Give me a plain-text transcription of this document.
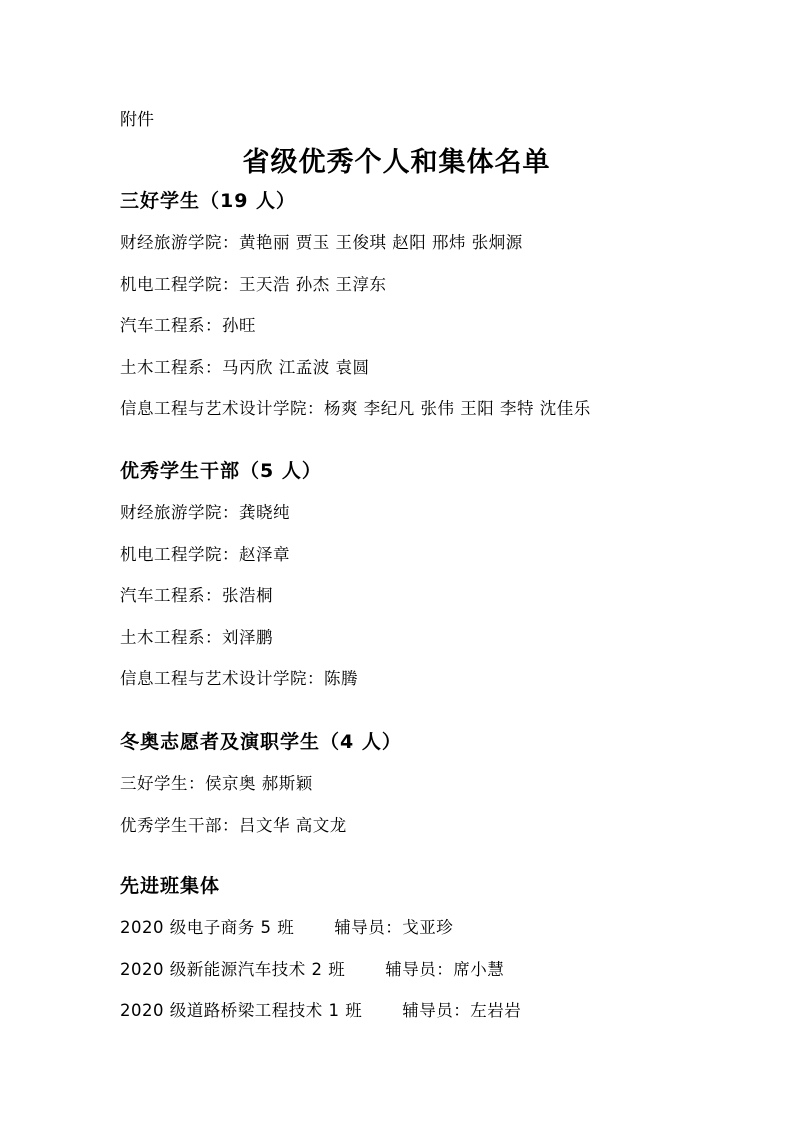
附件
省级优秀个人和集体名单
三好学生（19 人）
财经旅游学院：黄艳丽 贾玉 王俊琪 赵阳 邢炜 张炯源
机电工程学院：王天浩 孙杰 王淳东
汽车工程系：孙旺
土木工程系：马丙欣 江孟波 袁圆
信息工程与艺术设计学院：杨爽 李纪凡 张伟 王阳 李特 沈佳乐
优秀学生干部（5 人）
财经旅游学院：龚晓纯
机电工程学院：赵泽章
汽车工程系：张浩桐
土木工程系：刘泽鹏
信息工程与艺术设计学院：陈腾
冬奥志愿者及演职学生（4 人）
三好学生：侯京奥 郝斯颖
优秀学生干部：吕文华 高文龙
先进班集体
2020 级电子商务 5 班 辅导员：戈亚珍
2020 级新能源汽车技术 2 班 辅导员：席小慧
2020 级道路桥梁工程技术 1 班 辅导员：左岩岩
